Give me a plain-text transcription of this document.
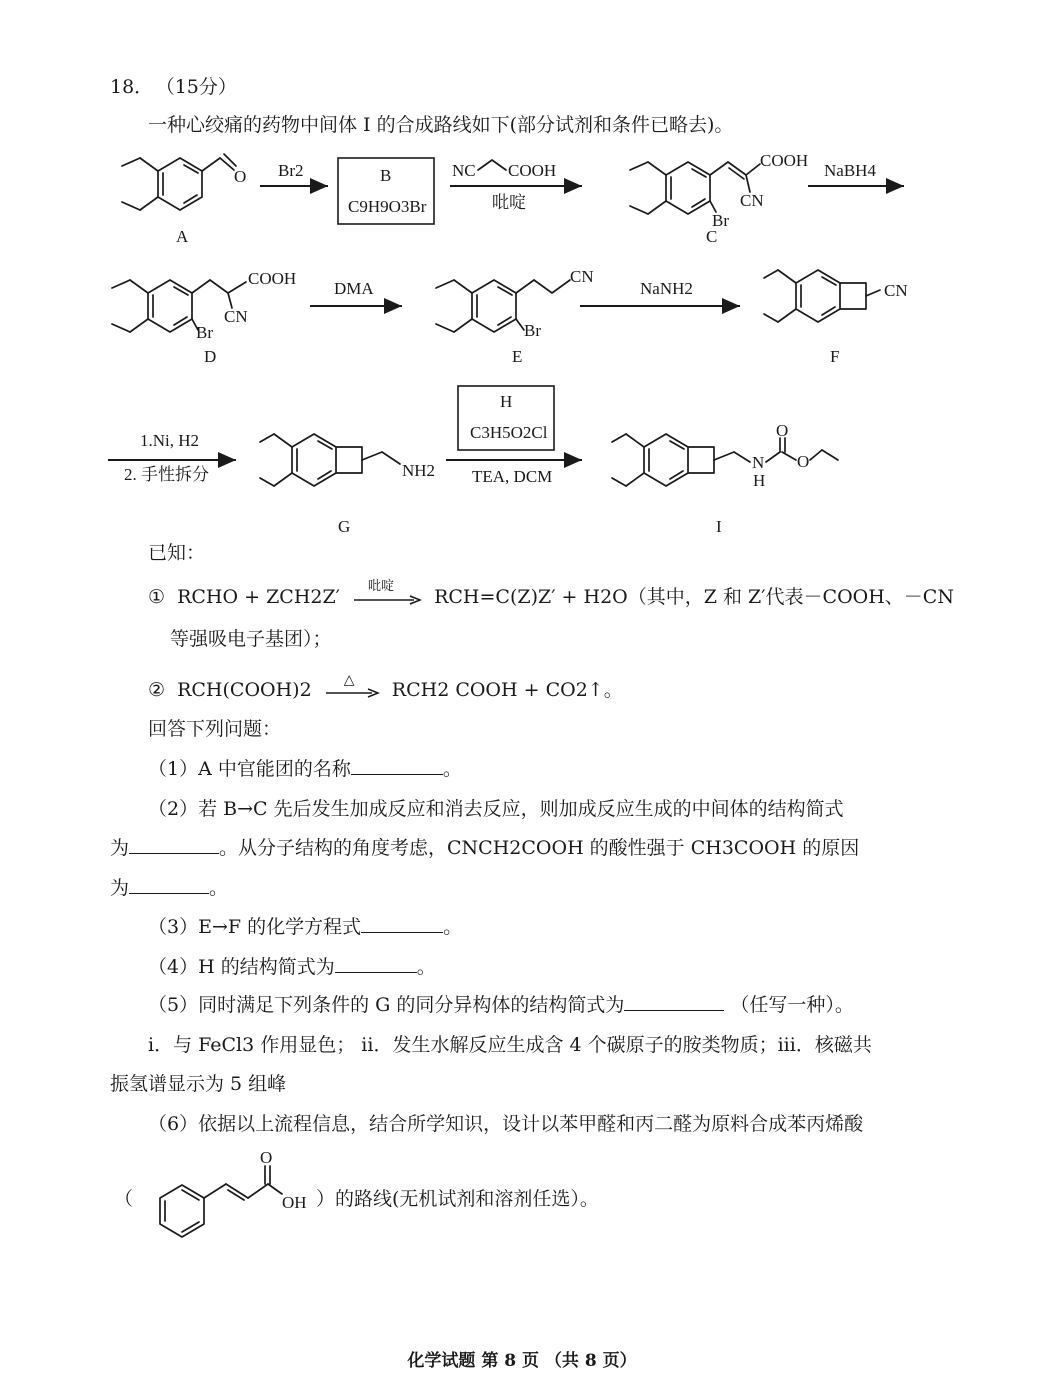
18． （15分）
一种心绞痛的药物中间体 I 的合成路线如下(部分试剂和条件已略去)。
O
A
Br2	B
C9H9O3Br
NC COOH
吡啶
COOH
CN
Br
C
NaBH4
COOH
CN
Br
D
DMA
CN
Br
E
NaNH2	CN
F
1.Ni, H2
2. 手性拆分	NH2
G
H
C3H5O2Cl
TEA, DCM
O
N
H
O
I
已知：
① RCHO + ZCH2Z′ 吡啶 RCH=C(Z)Z′ + H2O（其中，Z 和 Z′代表－COOH、－CN
等强吸电子基团）；
② RCH(COOH)2 △ RCH2 COOH + CO2↑。
回答下列问题：
（1）A 中官能团的名称	。
（2）若 B→C 先后发生加成反应和消去反应，则加成反应生成的中间体的结构简式
为	。从分子结构的角度考虑，CNCH2COOH 的酸性强于 CH3COOH 的原因
为	。
（3）E→F 的化学方程式	。
（4）H 的结构简式为	。
（5）同时满足下列条件的 G 的同分异构体的结构简式为	（任写一种）。
i．与 FeCl3 作用显色； ii．发生水解反应生成含 4 个碳原子的胺类物质；iii．核磁共
振氢谱显示为 5 组峰
（6）依据以上流程信息，结合所学知识，设计以苯甲醛和丙二醛为原料合成苯丙烯酸
（
O
OH ）的路线(无机试剂和溶剂任选）。
化学试题 第 8 页 （共 8 页）
